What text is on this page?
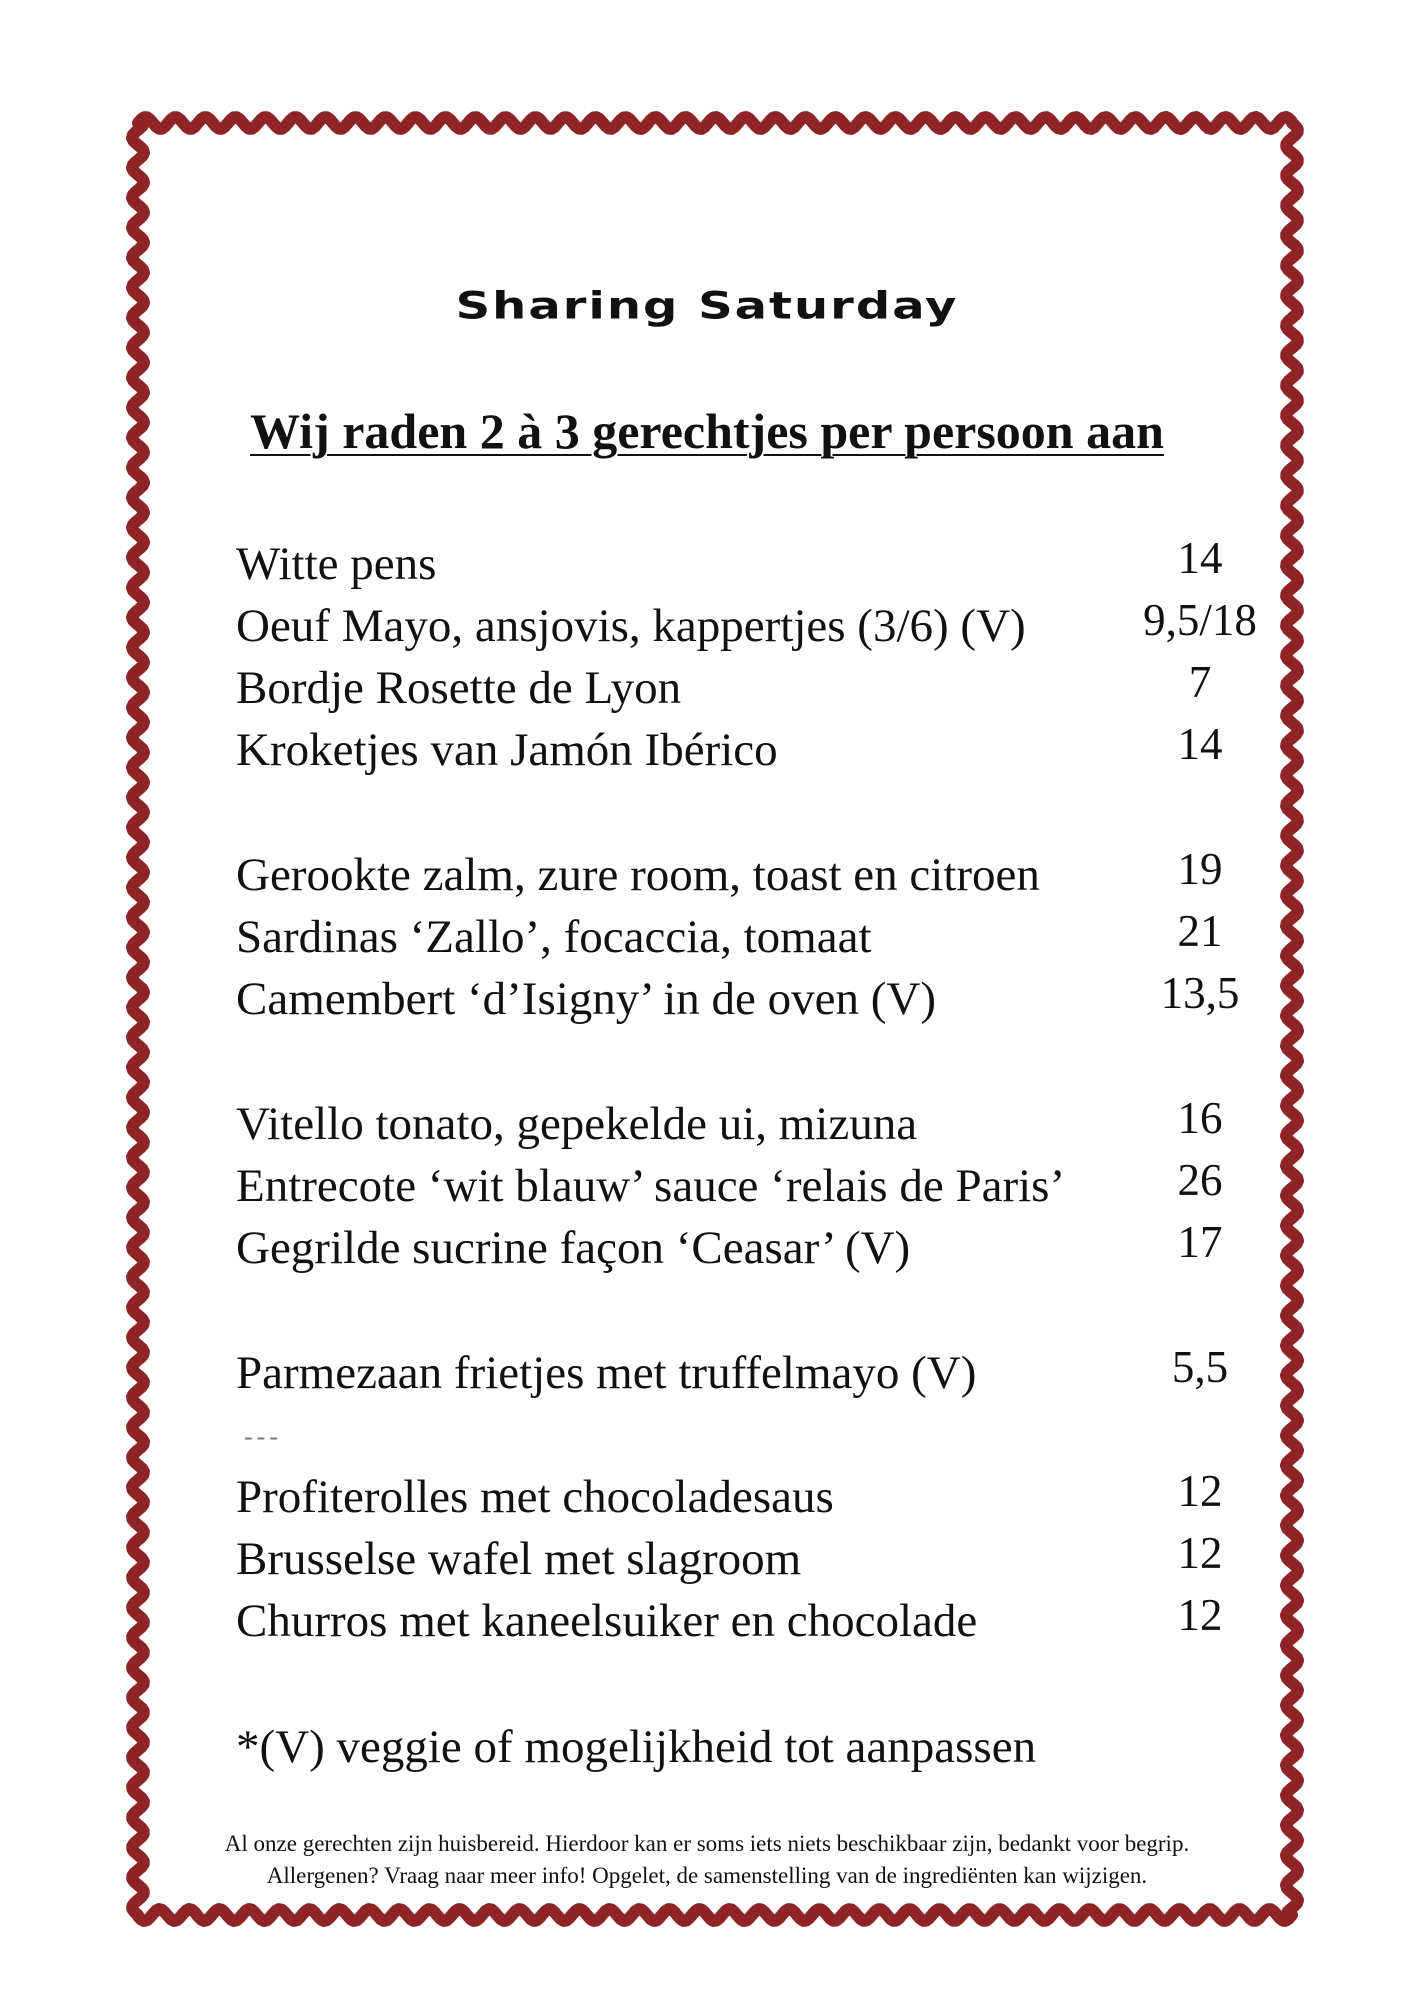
Sharing Saturday
Wij raden 2 à 3 gerechtjes per persoon aan
Witte pens	14
Oeuf Mayo, ansjovis, kappertjes (3/6) (V)	9,5/18
Bordje Rosette de Lyon	7
Kroketjes van Jamón Ibérico	14
Gerookte zalm, zure room, toast en citroen	19
Sardinas ‘Zallo’, focaccia, tomaat	21
Camembert ‘d’Isigny’ in de oven (V)	13,5
Vitello tonato, gepekelde ui, mizuna	16
Entrecote ‘wit blauw’ sauce ‘relais de Paris’	26
Gegrilde sucrine façon ‘Ceasar’ (V)	17
Parmezaan frietjes met truffelmayo (V)	5,5
---
Profiterolles met chocoladesaus	12
Brusselse wafel met slagroom	12
Churros met kaneelsuiker en chocolade	12
*(V) veggie of mogelijkheid tot aanpassen
Al onze gerechten zijn huisbereid. Hierdoor kan er soms iets niets beschikbaar zijn, bedankt voor begrip.
Allergenen? Vraag naar meer info! Opgelet, de samenstelling van de ingrediënten kan wijzigen.
